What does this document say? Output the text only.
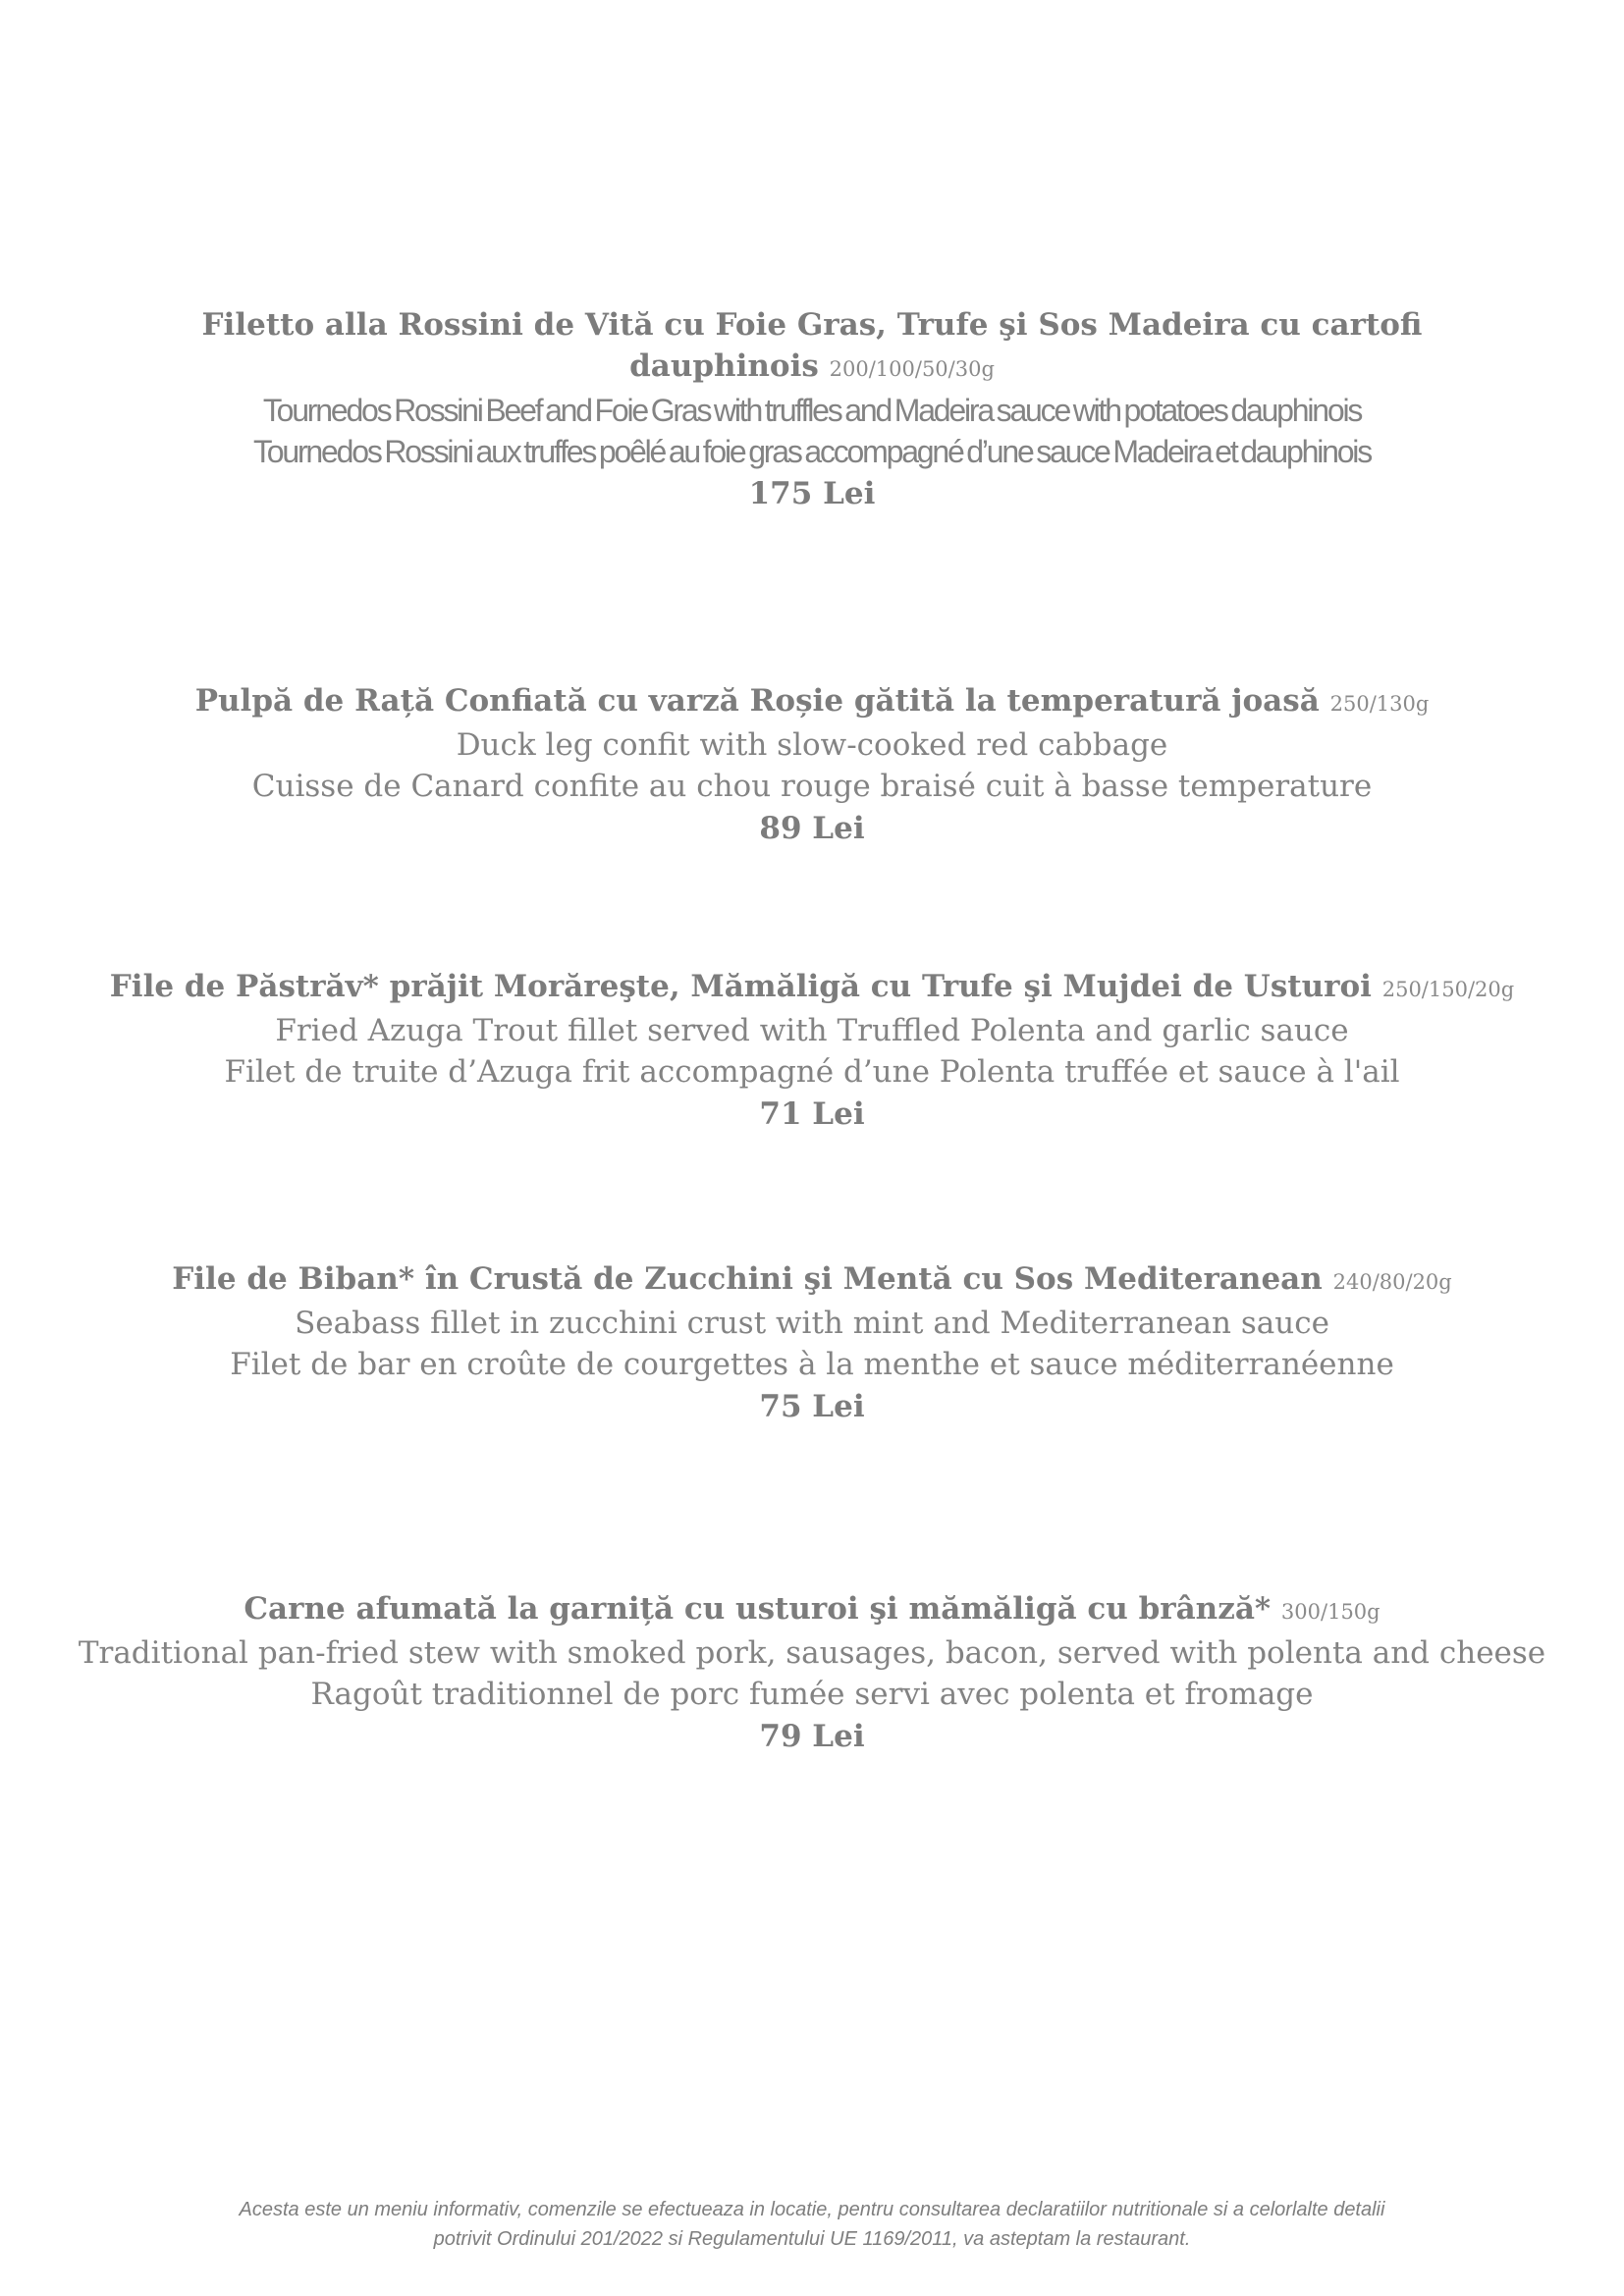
Filetto alla Rossini de Vită cu Foie Gras, Trufe şi Sos Madeira cu cartofi dauphinois 200/100/50/30g
Tournedos Rossini Beef and Foie Gras with truffles and Madeira sauce with potatoes dauphinois
Tournedos Rossini aux truffes poêlé au foie gras accompagné d’une sauce Madeira et dauphinois
175 Lei
Pulpă de Rață Confiată cu varză Roșie gătită la temperatură joasă 250/130g
Duck leg confit with slow-cooked red cabbage
Cuisse de Canard confite au chou rouge braisé cuit à basse temperature
89 Lei
File de Păstrăv* prăjit Morăreşte, Mămăligă cu Trufe şi Mujdei de Usturoi 250/150/20g
Fried Azuga Trout fillet served with Truffled Polenta and garlic sauce
Filet de truite d’Azuga frit accompagné d’une Polenta truffée et sauce à l'ail
71 Lei
File de Biban* în Crustă de Zucchini şi Mentă cu Sos Mediteranean 240/80/20g
Seabass fillet in zucchini crust with mint and Mediterranean sauce
Filet de bar en croûte de courgettes à la menthe et sauce méditerranéenne
75 Lei
Carne afumată la garniță cu usturoi şi mămăligă cu brânză* 300/150g
Traditional pan-fried stew with smoked pork, sausages, bacon, served with polenta and cheese
Ragoût traditionnel de porc fumée servi avec polenta et fromage
79 Lei
Acesta este un meniu informativ, comenzile se efectueaza in locatie, pentru consultarea declaratiilor nutritionale si a celorlalte detalii
potrivit Ordinului 201/2022 si Regulamentului UE 1169/2011, va asteptam la restaurant.
